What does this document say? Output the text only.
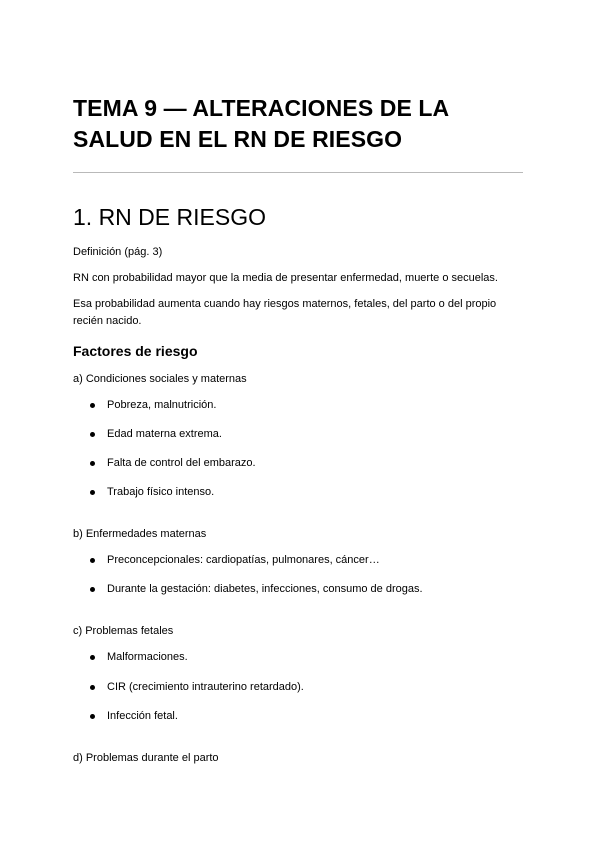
TEMA 9 — ALTERACIONES DE LA SALUD EN EL RN DE RIESGO
1. RN DE RIESGO

Definición (pág. 3)

RN con probabilidad mayor que la media de presentar enfermedad, muerte o secuelas.

Esa probabilidad aumenta cuando hay riesgos maternos, fetales, del parto o del propio recién nacido.

Factores de riesgo

a) Condiciones sociales y maternas

Pobreza, malnutrición.
Edad materna extrema.
Falta de control del embarazo.
Trabajo físico intenso.

b) Enfermedades maternas

Preconcepcionales: cardiopatías, pulmonares, cáncer…
Durante la gestación: diabetes, infecciones, consumo de drogas.

c) Problemas fetales

Malformaciones.
CIR (crecimiento intrauterino retardado).
Infección fetal.

d) Problemas durante el parto
